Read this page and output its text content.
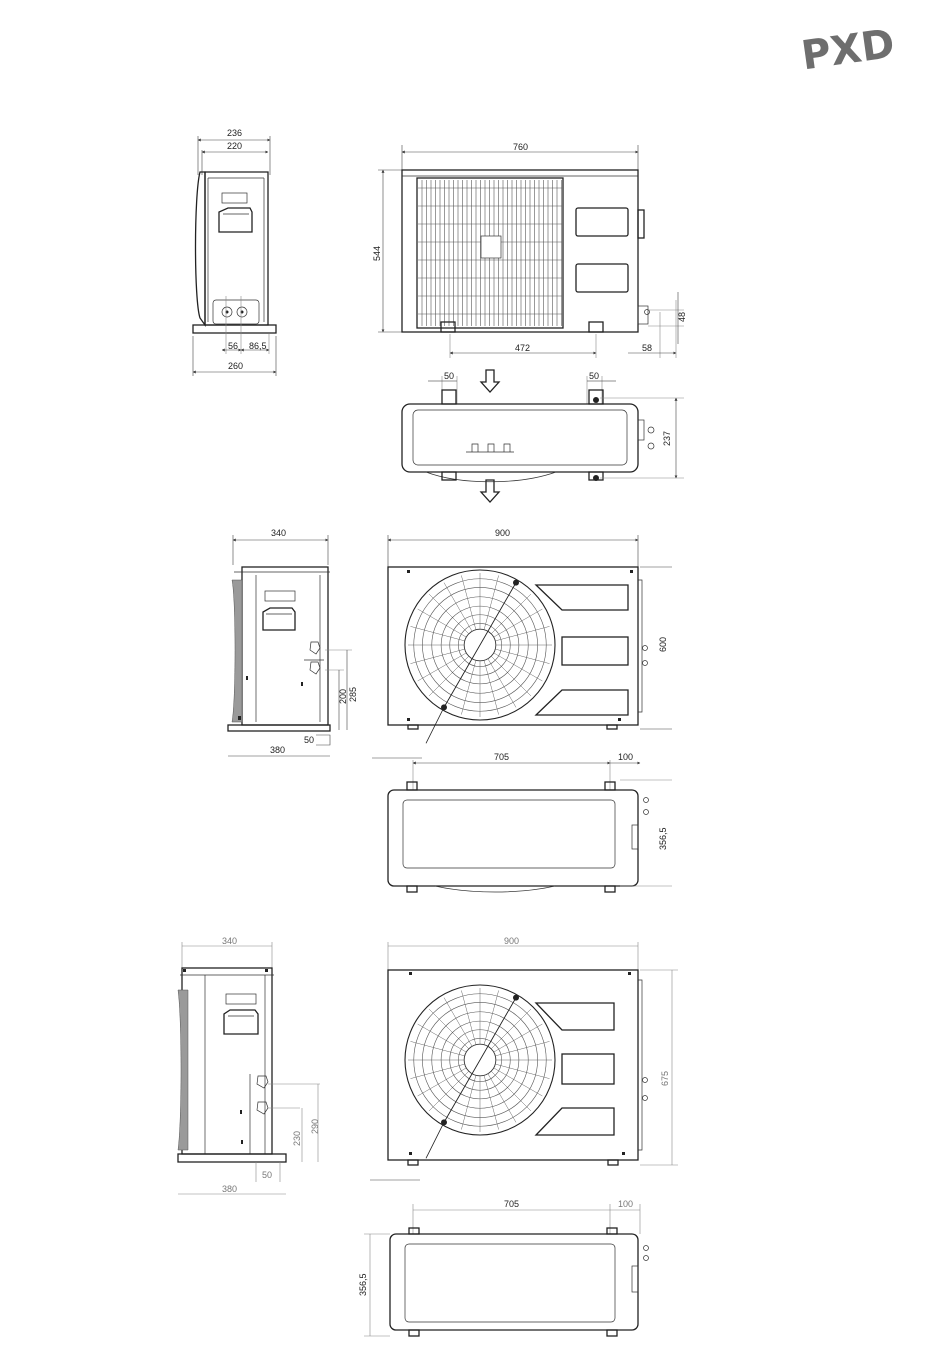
PXD
236
220
56 86,5
260
760
544
472	58
48
50	50
237
340
200 285
50
380
900
600
705	100
356,5
340
230
290
50
380
900
675
705	100
356,5
